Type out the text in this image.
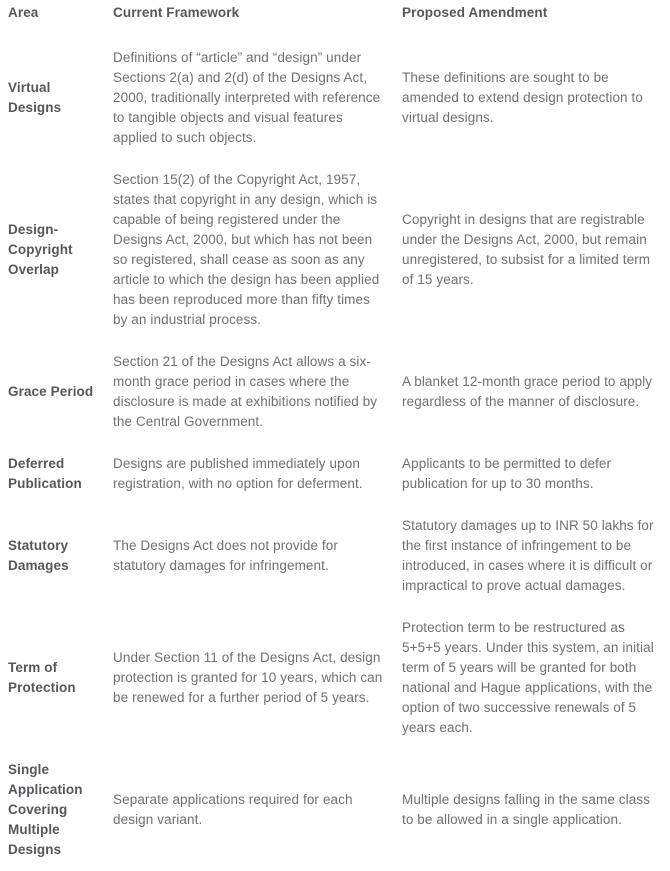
Area	Current Framework	Proposed Amendment
Virtual Designs	Definitions of “article” and “design” under Sections 2(a) and 2(d) of the Designs Act, 2000, traditionally interpreted with reference to tangible objects and visual features applied to such objects.	These definitions are sought to be amended to extend design protection to virtual designs.
Design-Copyright Overlap	Section 15(2) of the Copyright Act, 1957, states that copyright in any design, which is capable of being registered under the Designs Act, 2000, but which has not been so registered, shall cease as soon as any article to which the design has been applied has been reproduced more than fifty times by an industrial process.	Copyright in designs that are registrable under the Designs Act, 2000, but remain unregistered, to subsist for a limited term of 15 years.
Grace Period	Section 21 of the Designs Act allows a six-month grace period in cases where the disclosure is made at exhibitions notified by the Central Government.	A blanket 12-month grace period to apply regardless of the manner of disclosure.
Deferred Publication	Designs are published immediately upon registration, with no option for deferment.	Applicants to be permitted to defer publication for up to 30 months.
Statutory Damages	The Designs Act does not provide for statutory damages for infringement.	Statutory damages up to INR 50 lakhs for the first instance of infringement to be introduced, in cases where it is difficult or impractical to prove actual damages.
Term of Protection	Under Section 11 of the Designs Act, design protection is granted for 10 years, which can be renewed for a further period of 5 years.	Protection term to be restructured as 5+5+5 years. Under this system, an initial term of 5 years will be granted for both national and Hague applications, with the option of two successive renewals of 5 years each.
Single Application Covering Multiple Designs	Separate applications required for each design variant.	Multiple designs falling in the same class to be allowed in a single application.
